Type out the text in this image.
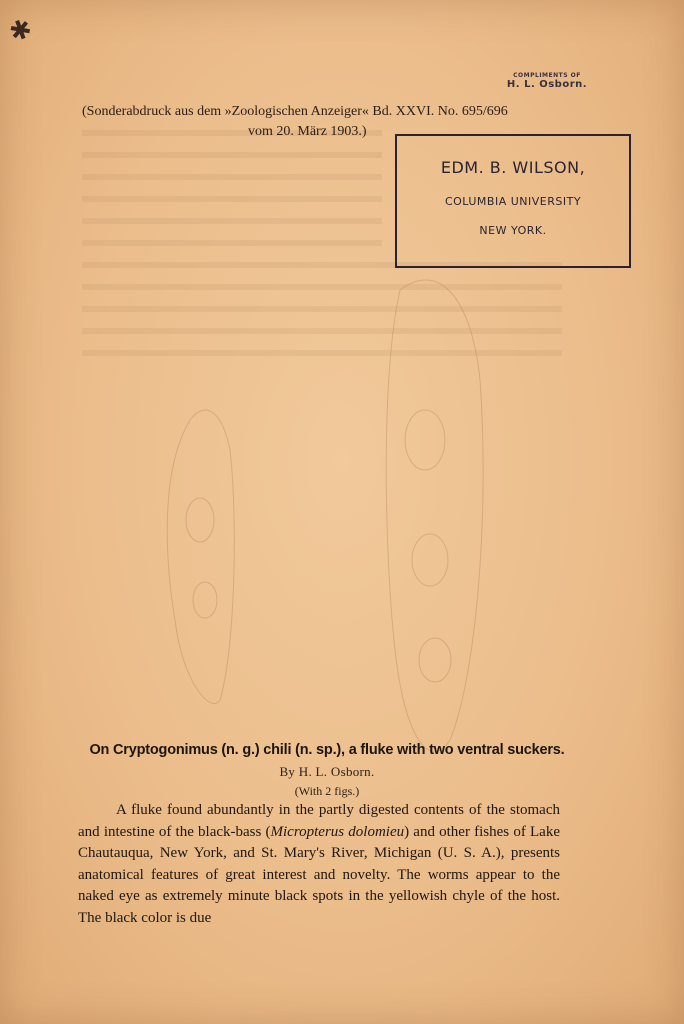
✱
COMPLIMENTS OF
H. L. Osborn.
(Sonderabdruck aus dem »Zoologischen Anzeiger« Bd. XXVI. No. 695/696
vom 20. März 1903.)
EDM. B. WILSON,
COLUMBIA UNIVERSITY
NEW YORK.
On Cryptogonimus (n. g.) chili (n. sp.), a fluke with two ventral suckers.
By H. L. Osborn.
(With 2 figs.)

A fluke found abundantly in the partly digested contents of the stomach and intestine of the black-bass (Micropterus dolomieu) and other fishes of Lake Chautauqua, New York, and St. Mary's River, Michigan (U. S. A.), presents anatomical features of great interest and novelty. The worms appear to the naked eye as extremely minute black spots in the yellowish chyle of the host. The black color is due
